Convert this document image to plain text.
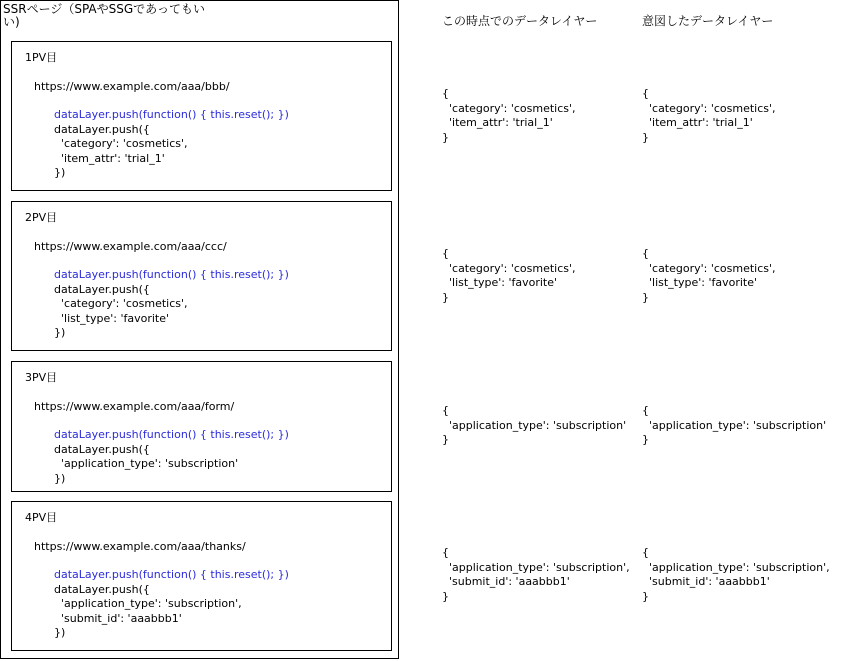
SSRページ（SPAやSSGであってもい
い)
1PV目
https://www.example.com/aaa/bbb/
dataLayer.push(function() { this.reset(); })
dataLayer.push({
'category': 'cosmetics',
'item_attr': 'trial_1'
})
2PV目
https://www.example.com/aaa/ccc/
dataLayer.push(function() { this.reset(); })
dataLayer.push({
'category': 'cosmetics',
'list_type': 'favorite'
})
3PV目
https://www.example.com/aaa/form/
dataLayer.push(function() { this.reset(); })
dataLayer.push({
'application_type': 'subscription'
})
4PV目
https://www.example.com/aaa/thanks/
dataLayer.push(function() { this.reset(); })
dataLayer.push({
'application_type': 'subscription',
'submit_id': 'aaabbb1'
})
この時点でのデータレイヤー	意図したデータレイヤー
{
'category': 'cosmetics',
'item_attr': 'trial_1'
}
{
'category': 'cosmetics',
'item_attr': 'trial_1'
}
{
'category': 'cosmetics',
'list_type': 'favorite'
}
{
'category': 'cosmetics',
'list_type': 'favorite'
}
{
'application_type': 'subscription'
}
{
'application_type': 'subscription'
}
{
'application_type': 'subscription',
'submit_id': 'aaabbb1'
}
{
'application_type': 'subscription',
'submit_id': 'aaabbb1'
}
